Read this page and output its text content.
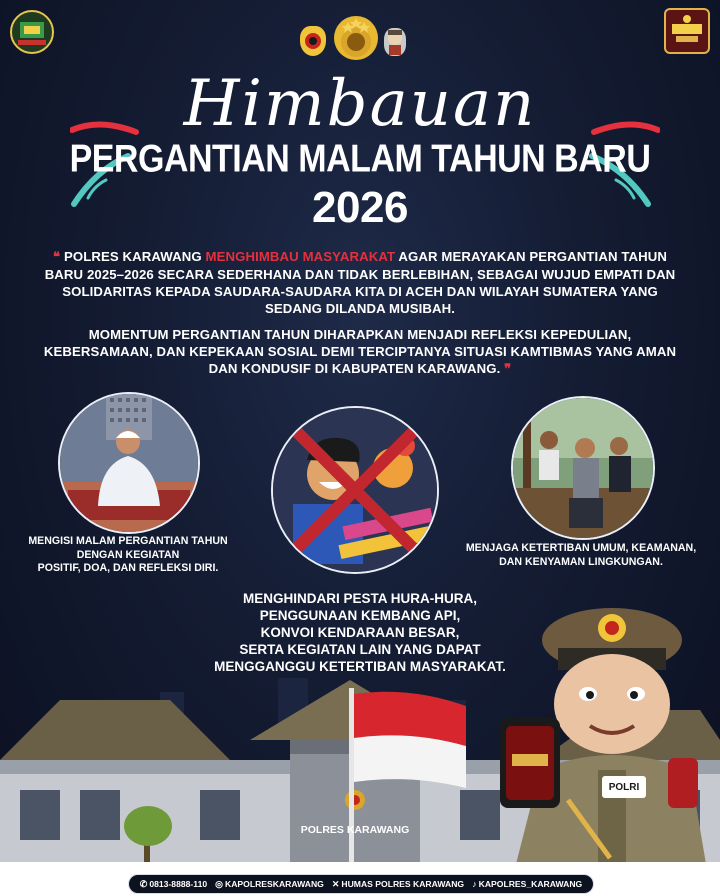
Himbauan
PERGANTIAN MALAM TAHUN BARU
2026
❝ POLRES KARAWANG MENGHIMBAU MASYARAKAT AGAR MERAYAKAN PERGANTIAN TAHUN BARU 2025–2026 SECARA SEDERHANA DAN TIDAK BERLEBIHAN, SEBAGAI WUJUD EMPATI DAN SOLIDARITAS KEPADA SAUDARA-SAUDARA KITA DI ACEH DAN WILAYAH SUMATERA YANG SEDANG DILANDA MUSIBAH.
MOMENTUM PERGANTIAN TAHUN DIHARAPKAN MENJADI REFLEKSI KEPEDULIAN, KEBERSAMAAN, DAN KEPEKAAN SOSIAL DEMI TERCIPTANYA SITUASI KAMTIBMAS YANG AMAN DAN KONDUSIF DI KABUPATEN KARAWANG. ❞
MENGISI MALAM PERGANTIAN TAHUN
DENGAN KEGIATAN
POSITIF, DOA, DAN REFLEKSI DIRI.
MENJAGA KETERTIBAN UMUM, KEAMANAN,
DAN KENYAMAN LINGKUNGAN.
MENGHINDARI PESTA HURA-HURA,
PENGGUNAAN KEMBANG API,
KONVOI KENDARAAN BESAR,
SERTA KEGIATAN LAIN YANG DAPAT
MENGGANGGU KETERTIBAN MASYARAKAT.
POLRES KARAWANG
POLRI
✆ 0813-8888-110 ◎ KAPOLRESKARAWANG ✕ HUMAS POLRES KARAWANG ♪ KAPOLRES_KARAWANG
